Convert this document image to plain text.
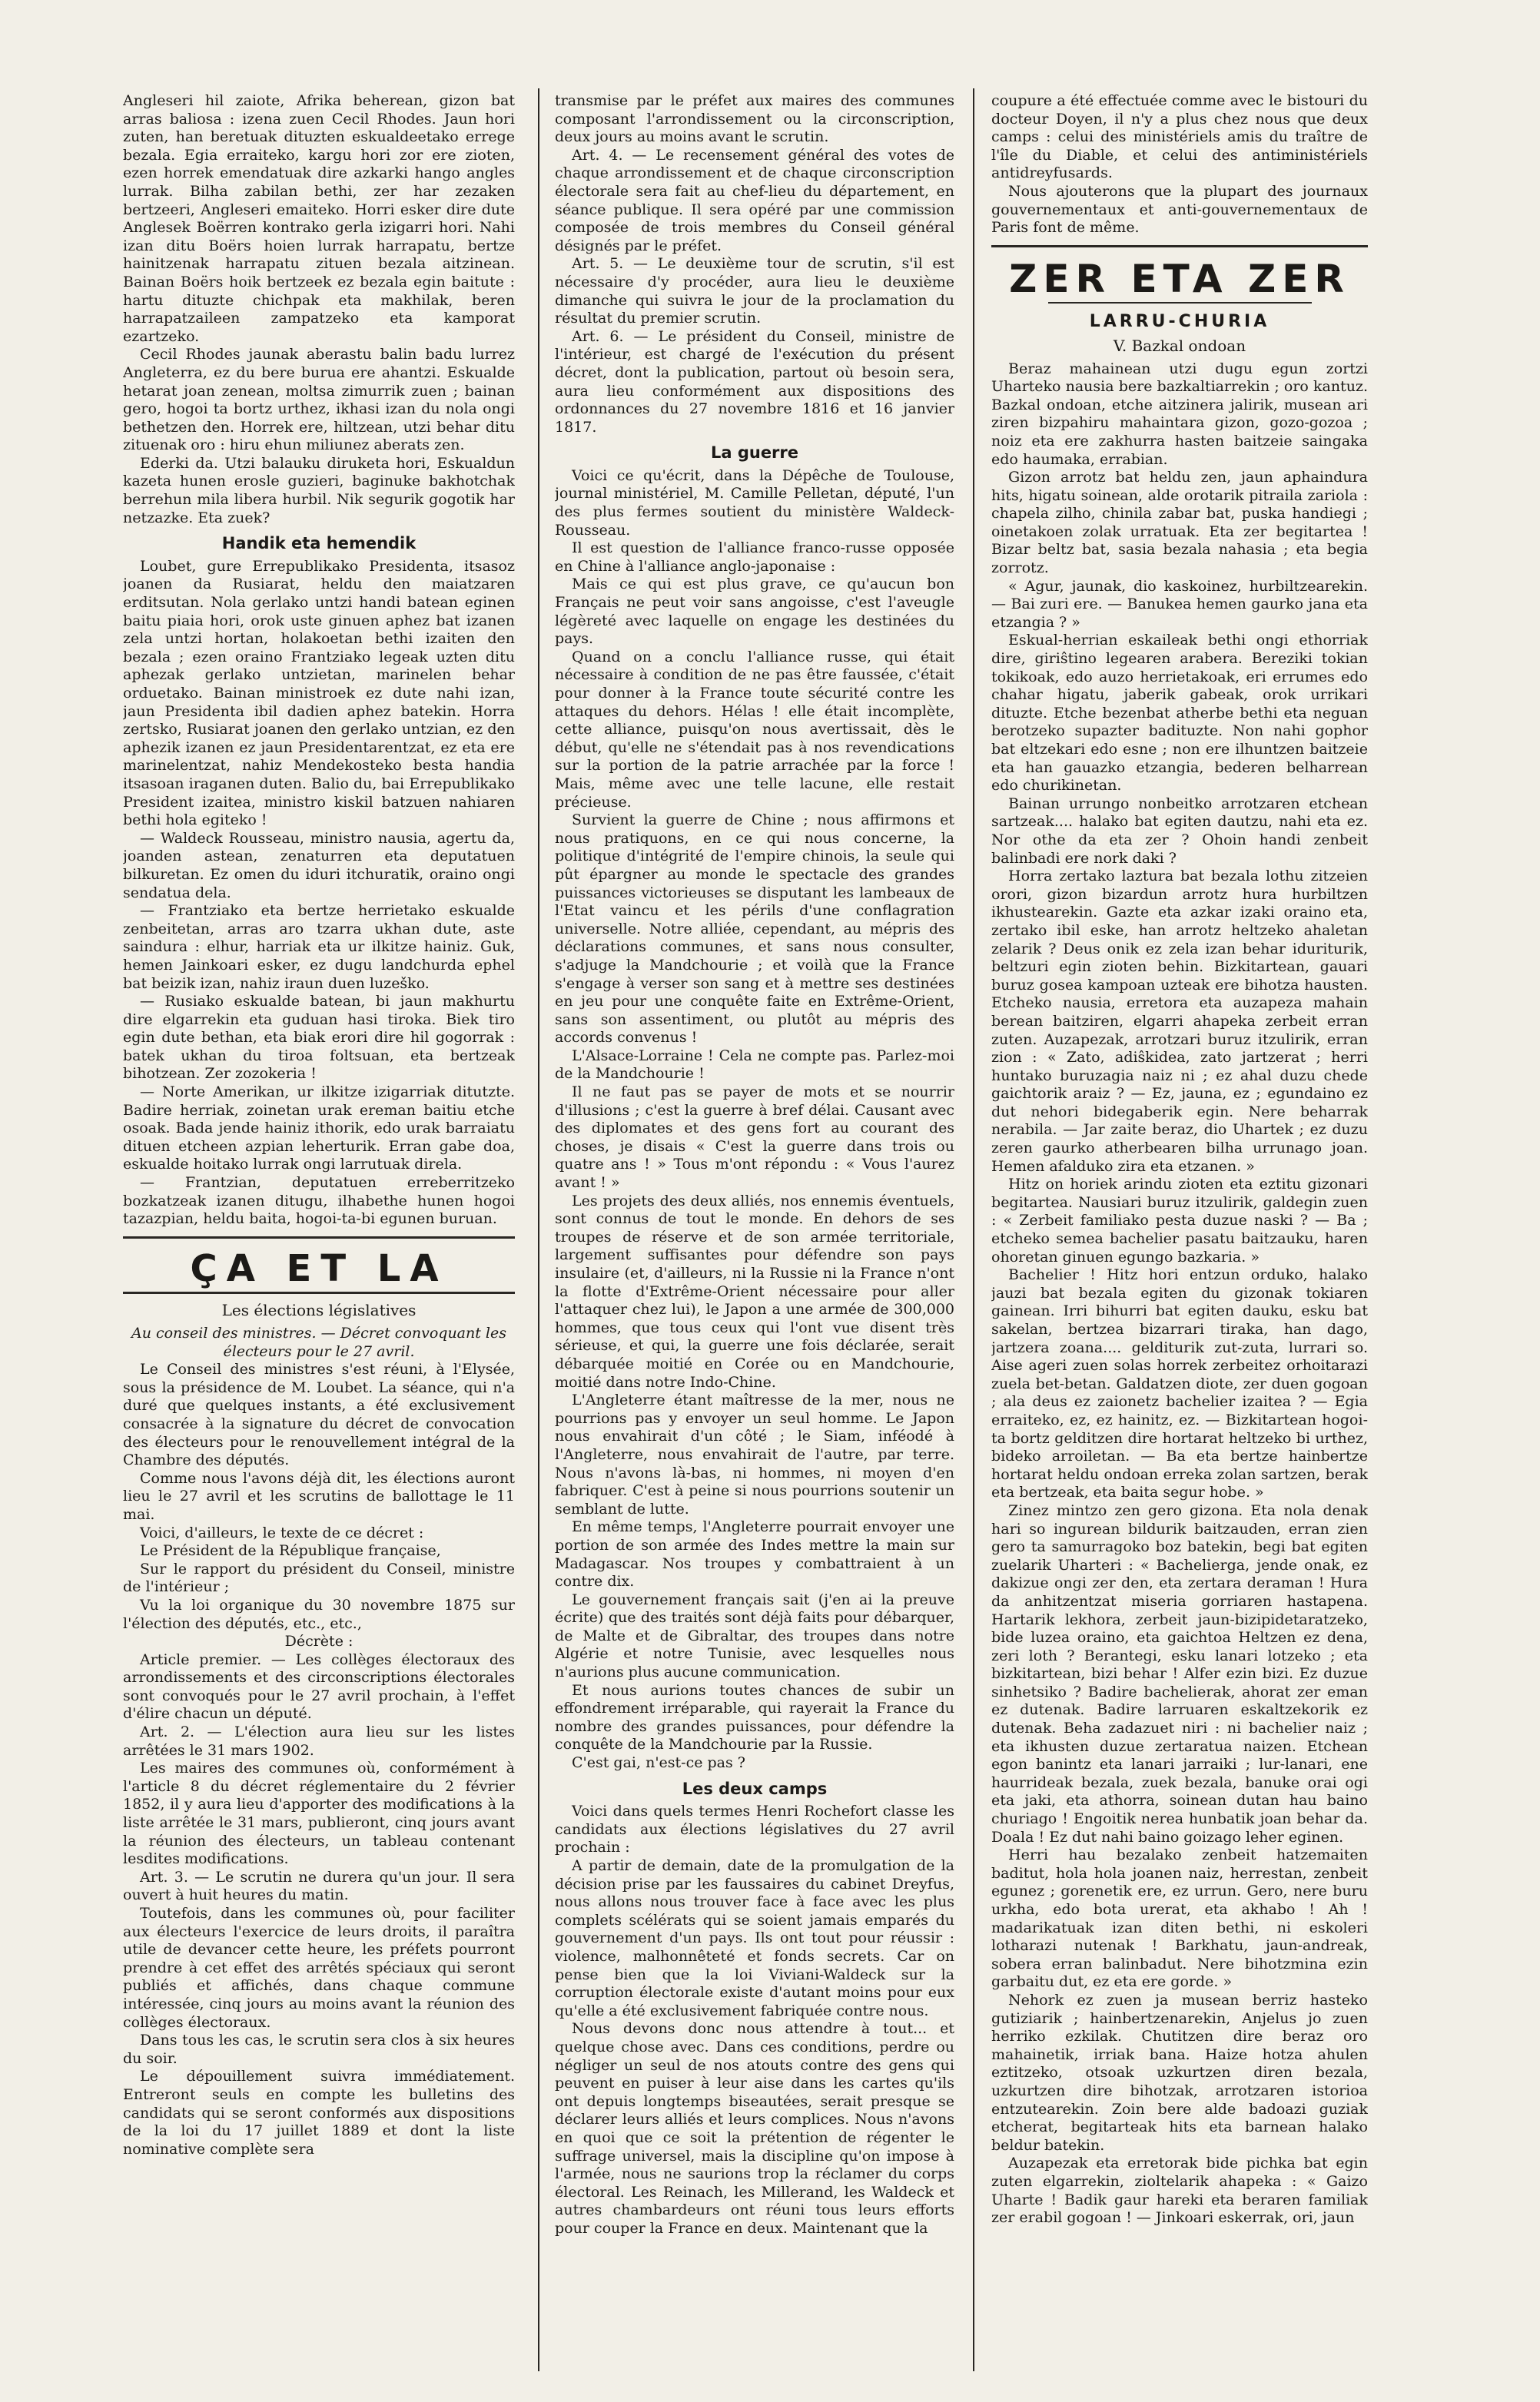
Angleseri hil zaiote, Afrika beherean, gizon bat arras baliosa : izena zuen Cecil Rhodes. Jaun hori zuten, han beretuak dituzten eskualdeetako errege bezala. Egia erraiteko, kargu hori zor ere zioten, ezen horrek emendatuak dire azkarki hango angles lurrak. Bilha zabilan bethi, zer har zezaken bertzeeri, Angleseri emaiteko. Horri esker dire dute Anglesek Boërren kontrako gerla izigarri hori. Nahi izan ditu Boërs hoien lurrak harrapatu, bertze hainitzenak harrapatu zituen bezala aitzinean. Bainan Boërs hoik bertzeek ez bezala egin baitute : hartu dituzte chichpak eta makhilak, beren harrapatzaileen zampatzeko eta kamporat ezartzeko.

Cecil Rhodes jaunak aberastu balin badu lurrez Angleterra, ez du bere burua ere ahantzi. Eskualde hetarat joan zenean, moltsa zimurrik zuen ; bainan gero, hogoi ta bortz urthez, ikhasi izan du nola ongi bethetzen den. Horrek ere, hiltzean, utzi behar ditu zituenak oro : hiru ehun miliunez aberats zen.

Ederki da. Utzi balauku diruketa hori, Eskualdun kazeta hunen erosle guzieri, baginuke bakhotchak berrehun mila libera hurbil. Nik segurik gogotik har netzazke. Eta zuek?

Handik eta hemendik

Loubet, gure Errepublikako Presidenta, itsasoz joanen da Rusiarat, heldu den maiatzaren erditsutan. Nola gerlako untzi handi batean eginen baitu piaia hori, orok uste ginuen aphez bat izanen zela untzi hortan, holakoetan bethi izaiten den bezala ; ezen oraino Frantziako legeak uzten ditu aphezak gerlako untzietan, marinelen behar orduetako. Bainan ministroek ez dute nahi izan, jaun Presidenta ibil dadien aphez batekin. Horra zertsko, Rusiarat joanen den gerlako untzian, ez den aphezik izanen ez jaun Presidentarentzat, ez eta ere marinelentzat, nahiz Mendekosteko besta handia itsasoan iraganen duten. Balio du, bai Errepublikako President izaitea, ministro kiskil batzuen nahiaren bethi hola egiteko !

— Waldeck Rousseau, ministro nausia, agertu da, joanden astean, zenaturren eta deputatuen bilkuretan. Ez omen du iduri itchuratik, oraino ongi sendatua dela.

— Frantziako eta bertze herrietako eskualde zenbeitetan, arras aro tzarra ukhan dute, aste saindura : elhur, harriak eta ur ilkitze hainiz. Guk, hemen Jainkoari esker, ez dugu landchurda ephel bat beizik izan, nahiz iraun duen luzeško.

— Rusiako eskualde batean, bi jaun makhurtu dire elgarrekin eta guduan hasi tiroka. Biek tiro egin dute bethan, eta biak erori dire hil gogorrak : batek ukhan du tiroa foltsuan, eta bertzeak bihotzean. Zer zozokeria !

— Norte Amerikan, ur ilkitze izigarriak ditutzte. Badire herriak, zoinetan urak ereman baitiu etche osoak. Bada jende hainiz ithorik, edo urak barraiatu dituen etcheen azpian leherturik. Erran gabe doa, eskualde hoitako lurrak ongi larrutuak direla.

— Frantzian, deputatuen erreberritzeko bozkatzeak izanen ditugu, ilhabethe hunen hogoi tazazpian, heldu baita, hogoi-ta-bi egunen buruan.

ÇA ET LA
Les élections législatives

Au conseil des ministres. — Décret convoquant les électeurs pour le 27 avril.

Le Conseil des ministres s'est réuni, à l'Elysée, sous la présidence de M. Loubet. La séance, qui n'a duré que quelques instants, a été exclusivement consacrée à la signature du décret de convocation des électeurs pour le renouvellement intégral de la Chambre des députés.

Comme nous l'avons déjà dit, les élections auront lieu le 27 avril et les scrutins de ballottage le 11 mai.

Voici, d'ailleurs, le texte de ce décret :

Le Président de la République française,

Sur le rapport du président du Conseil, ministre de l'intérieur ;

Vu la loi organique du 30 novembre 1875 sur l'élection des députés, etc., etc.,

Décrète :

Article premier. — Les collèges électoraux des arrondissements et des circonscriptions électorales sont convoqués pour le 27 avril prochain, à l'effet d'élire chacun un député.

Art. 2. — L'élection aura lieu sur les listes arrêtées le 31 mars 1902.

Les maires des communes où, conformément à l'article 8 du décret réglementaire du 2 février 1852, il y aura lieu d'apporter des modifications à la liste arrêtée le 31 mars, publieront, cinq jours avant la réunion des électeurs, un tableau contenant lesdites modifications.

Art. 3. — Le scrutin ne durera qu'un jour. Il sera ouvert à huit heures du matin.

Toutefois, dans les communes où, pour faciliter aux électeurs l'exercice de leurs droits, il paraîtra utile de devancer cette heure, les préfets pourront prendre à cet effet des arrêtés spéciaux qui seront publiés et affichés, dans chaque commune intéressée, cinq jours au moins avant la réunion des collèges électoraux.

Dans tous les cas, le scrutin sera clos à six heures du soir.

Le dépouillement suivra immédiatement. Entreront seuls en compte les bulletins des candidats qui se seront conformés aux dispositions de la loi du 17 juillet 1889 et dont la liste nominative complète sera

transmise par le préfet aux maires des communes composant l'arrondissement ou la circonscription, deux jours au moins avant le scrutin.

Art. 4. — Le recensement général des votes de chaque arrondissement et de chaque circonscription électorale sera fait au chef-lieu du département, en séance publique. Il sera opéré par une commission composée de trois membres du Conseil général désignés par le préfet.

Art. 5. — Le deuxième tour de scrutin, s'il est nécessaire d'y procéder, aura lieu le deuxième dimanche qui suivra le jour de la proclamation du résultat du premier scrutin.

Art. 6. — Le président du Conseil, ministre de l'intérieur, est chargé de l'exécution du présent décret, dont la publication, partout où besoin sera, aura lieu conformément aux dispositions des ordonnances du 27 novembre 1816 et 16 janvier 1817.

La guerre

Voici ce qu'écrit, dans la Dépêche de Toulouse, journal ministériel, M. Camille Pelletan, député, l'un des plus fermes soutient du ministère Waldeck-Rousseau.

Il est question de l'alliance franco-russe opposée en Chine à l'alliance anglo-japonaise :

Mais ce qui est plus grave, ce qu'aucun bon Français ne peut voir sans angoisse, c'est l'aveugle légèreté avec laquelle on engage les destinées du pays.

Quand on a conclu l'alliance russe, qui était nécessaire à condition de ne pas être faussée, c'était pour donner à la France toute sécurité contre les attaques du dehors. Hélas ! elle était incomplète, cette alliance, puisqu'on nous avertissait, dès le début, qu'elle ne s'étendait pas à nos revendications sur la portion de la patrie arrachée par la force ! Mais, même avec une telle lacune, elle restait précieuse.

Survient la guerre de Chine ; nous affirmons et nous pratiquons, en ce qui nous concerne, la politique d'intégrité de l'empire chinois, la seule qui pût épargner au monde le spectacle des grandes puissances victorieuses se disputant les lambeaux de l'Etat vaincu et les périls d'une conflagration universelle. Notre alliée, cependant, au mépris des déclarations communes, et sans nous consulter, s'adjuge la Mandchourie ; et voilà que la France s'engage à verser son sang et à mettre ses destinées en jeu pour une conquête faite en Extrême-Orient, sans son assentiment, ou plutôt au mépris des accords convenus !

L'Alsace-Lorraine ! Cela ne compte pas. Parlez-moi de la Mandchourie !

Il ne faut pas se payer de mots et se nourrir d'illusions ; c'est la guerre à bref délai. Causant avec des diplomates et des gens fort au courant des choses, je disais « C'est la guerre dans trois ou quatre ans ! » Tous m'ont répondu : « Vous l'aurez avant ! »

Les projets des deux alliés, nos ennemis éventuels, sont connus de tout le monde. En dehors de ses troupes de réserve et de son armée territoriale, largement suffisantes pour défendre son pays insulaire (et, d'ailleurs, ni la Russie ni la France n'ont la flotte d'Extrême-Orient nécessaire pour aller l'attaquer chez lui), le Japon a une armée de 300,000 hommes, que tous ceux qui l'ont vue disent très sérieuse, et qui, la guerre une fois déclarée, serait débarquée moitié en Corée ou en Mandchourie, moitié dans notre Indo-Chine.

L'Angleterre étant maîtresse de la mer, nous ne pourrions pas y envoyer un seul homme. Le Japon nous envahirait d'un côté ; le Siam, inféodé à l'Angleterre, nous envahirait de l'autre, par terre. Nous n'avons là-bas, ni hommes, ni moyen d'en fabriquer. C'est à peine si nous pourrions soutenir un semblant de lutte.

En même temps, l'Angleterre pourrait envoyer une portion de son armée des Indes mettre la main sur Madagascar. Nos troupes y combattraient à un contre dix.

Le gouvernement français sait (j'en ai la preuve écrite) que des traités sont déjà faits pour débarquer, de Malte et de Gibraltar, des troupes dans notre Algérie et notre Tunisie, avec lesquelles nous n'aurions plus aucune communication.

Et nous aurions toutes chances de subir un effondrement irréparable, qui rayerait la France du nombre des grandes puissances, pour défendre la conquête de la Mandchourie par la Russie.

C'est gai, n'est-ce pas ?

Les deux camps

Voici dans quels termes Henri Rochefort classe les candidats aux élections législatives du 27 avril prochain :

A partir de demain, date de la promulgation de la décision prise par les faussaires du cabinet Dreyfus, nous allons nous trouver face à face avec les plus complets scélérats qui se soient jamais emparés du gouvernement d'un pays. Ils ont tout pour réussir : violence, malhonnêteté et fonds secrets. Car on pense bien que la loi Viviani-Waldeck sur la corruption électorale existe d'autant moins pour eux qu'elle a été exclusivement fabriquée contre nous.

Nous devons donc nous attendre à tout... et quelque chose avec. Dans ces conditions, perdre ou négliger un seul de nos atouts contre des gens qui peuvent en puiser à leur aise dans les cartes qu'ils ont depuis longtemps biseautées, serait presque se déclarer leurs alliés et leurs complices. Nous n'avons en quoi que ce soit la prétention de régenter le suffrage universel, mais la discipline qu'on impose à l'armée, nous ne saurions trop la réclamer du corps électoral. Les Reinach, les Millerand, les Waldeck et autres chambardeurs ont réuni tous leurs efforts pour couper la France en deux. Maintenant que la

coupure a été effectuée comme avec le bistouri du docteur Doyen, il n'y a plus chez nous que deux camps : celui des ministériels amis du traître de l'île du Diable, et celui des antiministériels antidreyfusards.

Nous ajouterons que la plupart des journaux gouvernementaux et anti-gouvernementaux de Paris font de même.

ZER ETA ZER
LARRU-CHURIA
V. Bazkal ondoan

Beraz mahainean utzi dugu egun zortzi Uharteko nausia bere bazkaltiarrekin ; oro kantuz. Bazkal ondoan, etche aitzinera jalirik, musean ari ziren bizpahiru mahaintara gizon, gozo-gozoa ; noiz eta ere zakhurra hasten baitzeie saingaka edo haumaka, errabian.

Gizon arrotz bat heldu zen, jaun aphaindura hits, higatu soinean, alde orotarik pitraila zariola : chapela zilho, chinila zabar bat, puska handiegi ; oinetakoen zolak urratuak. Eta zer begitartea ! Bizar beltz bat, sasia bezala nahasia ; eta begia zorrotz.

« Agur, jaunak, dio kaskoinez, hurbiltzearekin. — Bai zuri ere. — Banukea hemen gaurko jana eta etzangia ? »

Eskual-herrian eskaileak bethi ongi ethorriak dire, giriŝtino legearen arabera. Bereziki tokian tokikoak, edo auzo herrietakoak, eri errumes edo chahar higatu, jaberik gabeak, orok urrikari dituzte. Etche bezenbat atherbe bethi eta neguan berotzeko supazter badituzte. Non nahi gophor bat eltzekari edo esne ; non ere ilhuntzen baitzeie eta han gauazko etzangia, bederen belharrean edo churikinetan.

Bainan urrungo nonbeitko arrotzaren etchean sartzeak.... halako bat egiten dautzu, nahi eta ez. Nor othe da eta zer ? Ohoin handi zenbeit balinbadi ere nork daki ?

Horra zertako laztura bat bezala lothu zitzeien orori, gizon bizardun arrotz hura hurbiltzen ikhustearekin. Gazte eta azkar izaki oraino eta, zertako ibil eske, han arrotz heltzeko ahaletan zelarik ? Deus onik ez zela izan behar iduriturik, beltzuri egin zioten behin. Bizkitartean, gauari buruz gosea kampoan uzteak ere bihotza hausten. Etcheko nausia, erretora eta auzapeza mahain berean baitziren, elgarri ahapeka zerbeit erran zuten. Auzapezak, arrotzari buruz itzulirik, erran zion : « Zato, adiŝkidea, zato jartzerat ; herri huntako buruzagia naiz ni ; ez ahal duzu chede gaichtorik araiz ? — Ez, jauna, ez ; egundaino ez dut nehori bidegaberik egin. Nere beharrak nerabila. — Jar zaite beraz, dio Uhartek ; ez duzu zeren gaurko atherbearen bilha urrunago joan. Hemen afalduko zira eta etzanen. »

Hitz on horiek arindu zioten eta eztitu gizonari begitartea. Nausiari buruz itzulirik, galdegin zuen : « Zerbeit familiako pesta duzue naski ? — Ba ; etcheko semea bachelier pasatu baitzauku, haren ohoretan ginuen egungo bazkaria. »

Bachelier ! Hitz hori entzun orduko, halako jauzi bat bezala egiten du gizonak tokiaren gainean. Irri bihurri bat egiten dauku, esku bat sakelan, bertzea bizarrari tiraka, han dago, jartzera zoana.... gelditurik zut-zuta, lurrari so. Aise ageri zuen solas horrek zerbeitez orhoitarazi zuela bet-betan. Galdatzen diote, zer duen gogoan ; ala deus ez zaionetz bachelier izaitea ? — Egia erraiteko, ez, ez hainitz, ez. — Bizkitartean hogoi-ta bortz gelditzen dire hortarat heltzeko bi urthez, bideko arroiletan. — Ba eta bertze hainbertze hortarat heldu ondoan erreka zolan sartzen, berak eta bertzeak, eta baita segur hobe. »

Zinez mintzo zen gero gizona. Eta nola denak hari so ingurean bildurik baitzauden, erran zien gero ta samurragoko boz batekin, begi bat egiten zuelarik Uharteri : « Bachelierga, jende onak, ez dakizue ongi zer den, eta zertara deraman ! Hura da anhitzentzat miseria gorriaren hastapena. Hartarik lekhora, zerbeit jaun-bizipidetaratzeko, bide luzea oraino, eta gaichtoa Heltzen ez dena, zeri loth ? Berantegi, esku lanari lotzeko ; eta bizkitartean, bizi behar ! Alfer ezin bizi. Ez duzue sinhetsiko ? Badire bachelierak, ahorat zer eman ez dutenak. Badire larruaren eskaltzekorik ez dutenak. Beha zadazuet niri : ni bachelier naiz ; eta ikhusten duzue zertaratua naizen. Etchean egon banintz eta lanari jarraiki ; lur-lanari, ene haurrideak bezala, zuek bezala, banuke orai ogi eta jaki, eta athorra, soinean dutan hau baino churiago ! Engoitik nerea hunbatik joan behar da. Doala ! Ez dut nahi baino goizago leher eginen.

Herri hau bezalako zenbeit hatzemaiten baditut, hola hola joanen naiz, herrestan, zenbeit egunez ; gorenetik ere, ez urrun. Gero, nere buru urkha, edo bota urerat, eta akhabo ! Ah ! madarikatuak izan diten bethi, ni eskoleri lotharazi nutenak ! Barkhatu, jaun-andreak, sobera erran balinbadut. Nere bihotzmina ezin garbaitu dut, ez eta ere gorde. »

Nehork ez zuen ja musean berriz hasteko gutiziarik ; hainbertzenarekin, Anjelus jo zuen herriko ezkilak. Chutitzen dire beraz oro mahainetik, irriak bana. Haize hotza ahulen eztitzeko, otsoak uzkurtzen diren bezala, uzkurtzen dire bihotzak, arrotzaren istorioa entzutearekin. Zoin bere alde badoazi guziak etcherat, begitarteak hits eta barnean halako beldur batekin.

Auzapezak eta erretorak bide pichka bat egin zuten elgarrekin, zioltelarik ahapeka : « Gaizo Uharte ! Badik gaur hareki eta beraren familiak zer erabil gogoan ! — Jinkoari eskerrak, ori, jaun
